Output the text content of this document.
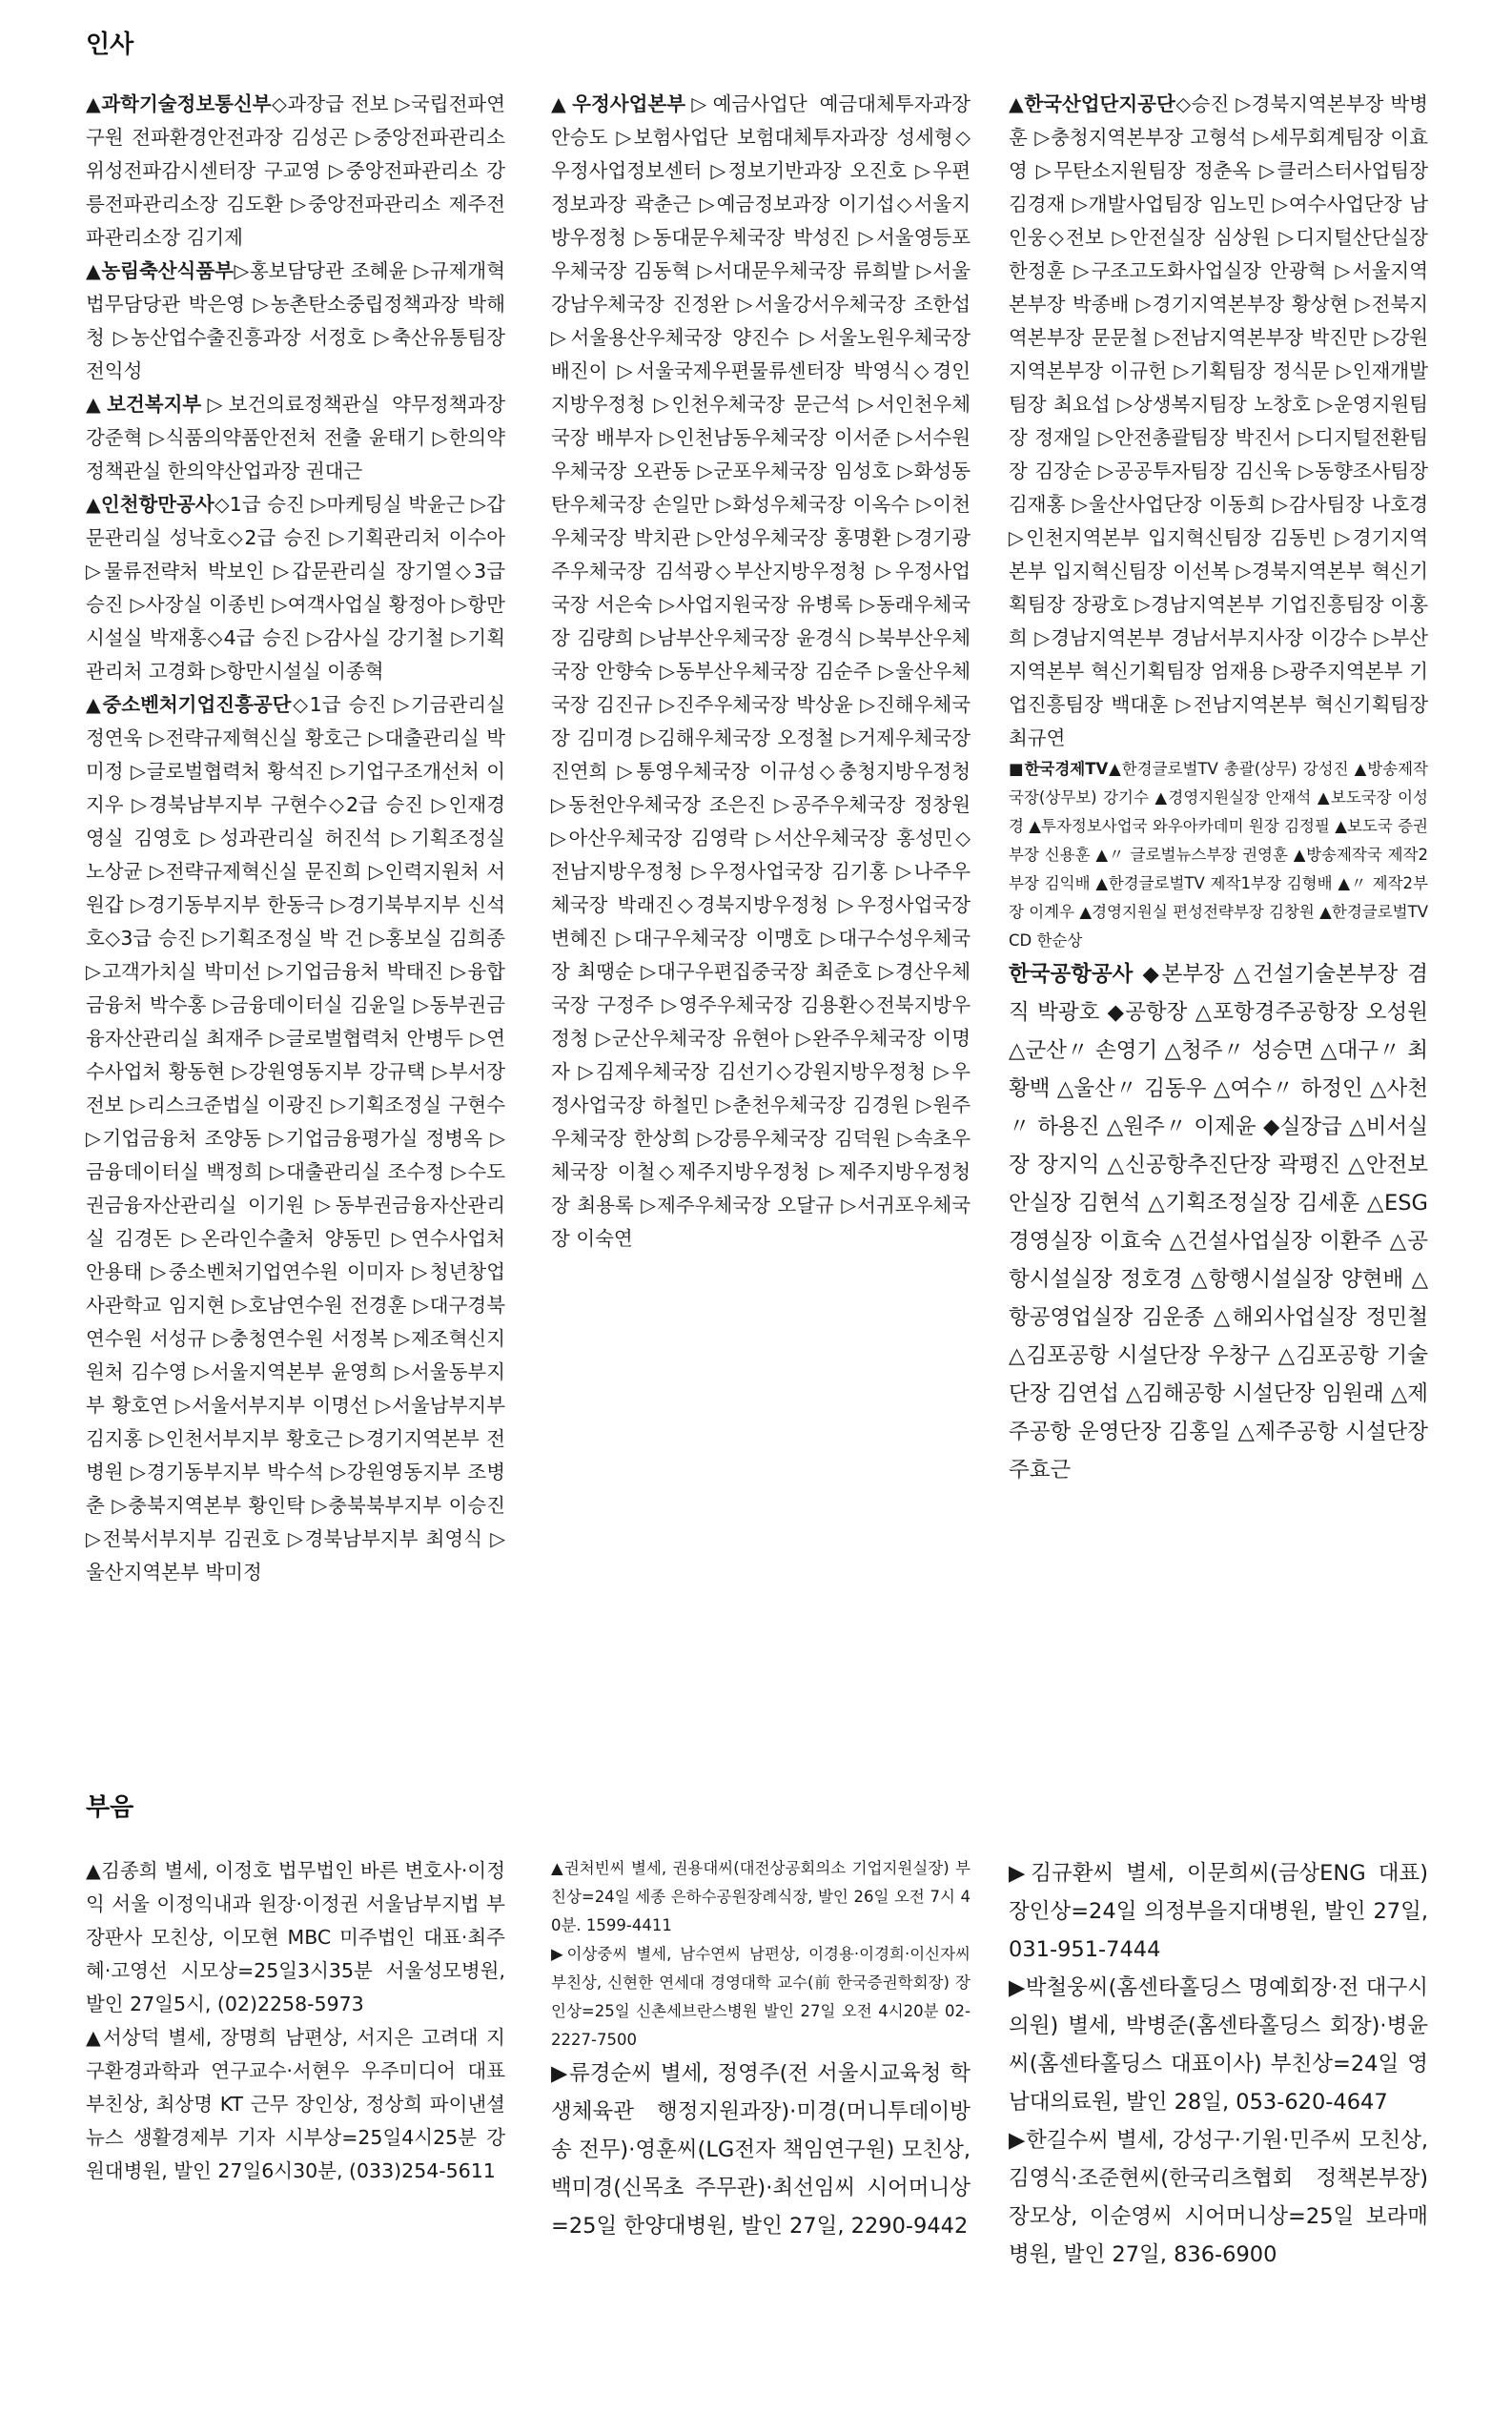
인사

▲과학기술정보통신부◇과장급 전보 ▷국립전파연구원 전파환경안전과장 김성곤 ▷중앙전파관리소 위성전파감시센터장 구교영 ▷중앙전파관리소 강릉전파관리소장 김도환 ▷중앙전파관리소 제주전파관리소장 김기제

▲농림축산식품부▷홍보담당관 조혜윤 ▷규제개혁법무담당관 박은영 ▷농촌탄소중립정책과장 박해청 ▷농산업수출진흥과장 서정호 ▷축산유통팀장 전익성

▲보건복지부▷보건의료정책관실 약무정책과장 강준혁 ▷식품의약품안전처 전출 윤태기 ▷한의약정책관실 한의약산업과장 권대근

▲인천항만공사◇1급 승진 ▷마케팅실 박윤근 ▷갑문관리실 성낙호◇2급 승진 ▷기획관리처 이수아 ▷물류전략처 박보인 ▷갑문관리실 장기열◇3급 승진 ▷사장실 이종빈 ▷여객사업실 황정아 ▷항만시설실 박재홍◇4급 승진 ▷감사실 강기철 ▷기획관리처 고경화 ▷항만시설실 이종혁

▲중소벤처기업진흥공단◇1급 승진 ▷기금관리실 정연욱 ▷전략규제혁신실 황호근 ▷대출관리실 박미정 ▷글로벌협력처 황석진 ▷기업구조개선처 이지우 ▷경북남부지부 구현수◇2급 승진 ▷인재경영실 김영호 ▷성과관리실 허진석 ▷기획조정실 노상균 ▷전략규제혁신실 문진희 ▷인력지원처 서원갑 ▷경기동부지부 한동극 ▷경기북부지부 신석호◇3급 승진 ▷기획조정실 박 건 ▷홍보실 김희종 ▷고객가치실 박미선 ▷기업금융처 박태진 ▷융합금융처 박수홍 ▷금융데이터실 김윤일 ▷동부권금융자산관리실 최재주 ▷글로벌협력처 안병두 ▷연수사업처 황동현 ▷강원영동지부 강규택 ▷부서장 전보 ▷리스크준법실 이광진 ▷기획조정실 구현수 ▷기업금융처 조양동 ▷기업금융평가실 정병옥 ▷금융데이터실 백정희 ▷대출관리실 조수정 ▷수도권금융자산관리실 이기원 ▷동부권금융자산관리실 김경돈 ▷온라인수출처 양동민 ▷연수사업처 안용태 ▷중소벤처기업연수원 이미자 ▷청년창업사관학교 임지현 ▷호남연수원 전경훈 ▷대구경북연수원 서성규 ▷충청연수원 서정복 ▷제조혁신지원처 김수영 ▷서울지역본부 윤영희 ▷서울동부지부 황호연 ▷서울서부지부 이명선 ▷서울남부지부 김지홍 ▷인천서부지부 황호근 ▷경기지역본부 전병원 ▷경기동부지부 박수석 ▷강원영동지부 조병춘 ▷충북지역본부 황인탁 ▷충북북부지부 이승진 ▷전북서부지부 김권호 ▷경북남부지부 최영식 ▷울산지역본부 박미정

▲우정사업본부▷예금사업단 예금대체투자과장 안승도 ▷보험사업단 보험대체투자과장 성세형◇우정사업정보센터 ▷정보기반과장 오진호 ▷우편정보과장 곽춘근 ▷예금정보과장 이기섭◇서울지방우정청 ▷동대문우체국장 박성진 ▷서울영등포우체국장 김동혁 ▷서대문우체국장 류희발 ▷서울강남우체국장 진정완 ▷서울강서우체국장 조한섭 ▷서울용산우체국장 양진수 ▷서울노원우체국장 배진이 ▷서울국제우편물류센터장 박영식◇경인지방우정청 ▷인천우체국장 문근석 ▷서인천우체국장 배부자 ▷인천남동우체국장 이서준 ▷서수원우체국장 오관동 ▷군포우체국장 임성호 ▷화성동탄우체국장 손일만 ▷화성우체국장 이옥수 ▷이천우체국장 박치관 ▷안성우체국장 홍명환 ▷경기광주우체국장 김석광◇부산지방우정청 ▷우정사업국장 서은숙 ▷사업지원국장 유병록 ▷동래우체국장 김량희 ▷남부산우체국장 윤경식 ▷북부산우체국장 안향숙 ▷동부산우체국장 김순주 ▷울산우체국장 김진규 ▷진주우체국장 박상윤 ▷진해우체국장 김미경 ▷김해우체국장 오정철 ▷거제우체국장 진연희 ▷통영우체국장 이규성◇충청지방우정청 ▷동천안우체국장 조은진 ▷공주우체국장 정창원 ▷아산우체국장 김영락 ▷서산우체국장 홍성민◇전남지방우정청 ▷우정사업국장 김기홍 ▷나주우체국장 박래진◇경북지방우정청 ▷우정사업국장 변혜진 ▷대구우체국장 이맹호 ▷대구수성우체국장 최땡순 ▷대구우편집중국장 최준호 ▷경산우체국장 구정주 ▷영주우체국장 김용환◇전북지방우정청 ▷군산우체국장 유현아 ▷완주우체국장 이명자 ▷김제우체국장 김선기◇강원지방우정청 ▷우정사업국장 하철민 ▷춘천우체국장 김경원 ▷원주우체국장 한상희 ▷강릉우체국장 김덕원 ▷속초우체국장 이철◇제주지방우정청 ▷제주지방우정청장 최용록 ▷제주우체국장 오달규 ▷서귀포우체국장 이숙연

▲한국산업단지공단◇승진 ▷경북지역본부장 박병훈 ▷충청지역본부장 고형석 ▷세무회계팀장 이효영 ▷무탄소지원팀장 정춘옥 ▷클러스터사업팀장 김경재 ▷개발사업팀장 임노민 ▷여수사업단장 남인웅◇전보 ▷안전실장 심상원 ▷디지털산단실장 한정훈 ▷구조고도화사업실장 안광혁 ▷서울지역본부장 박종배 ▷경기지역본부장 황상현 ▷전북지역본부장 문문철 ▷전남지역본부장 박진만 ▷강원지역본부장 이규헌 ▷기획팀장 정식문 ▷인재개발팀장 최요섭 ▷상생복지팀장 노창호 ▷운영지원팀장 정재일 ▷안전총괄팀장 박진서 ▷디지털전환팀장 김장순 ▷공공투자팀장 김신욱 ▷동향조사팀장 김재홍 ▷울산사업단장 이동희 ▷감사팀장 나호경 ▷인천지역본부 입지혁신팀장 김동빈 ▷경기지역본부 입지혁신팀장 이선복 ▷경북지역본부 혁신기획팀장 장광호 ▷경남지역본부 기업진흥팀장 이홍희 ▷경남지역본부 경남서부지사장 이강수 ▷부산지역본부 혁신기획팀장 엄재용 ▷광주지역본부 기업진흥팀장 백대훈 ▷전남지역본부 혁신기획팀장 최규연

■한국경제TV▲한경글로벌TV 총괄(상무) 강성진 ▲방송제작국장(상무보) 강기수 ▲경영지원실장 안재석 ▲보도국장 이성경 ▲투자정보사업국 와우아카데미 원장 김정필 ▲보도국 증권부장 신용훈 ▲〃 글로벌뉴스부장 권영훈 ▲방송제작국 제작2부장 김익배 ▲한경글로벌TV 제작1부장 김형배 ▲〃 제작2부장 이계우 ▲경영지원실 편성전략부장 김창원 ▲한경글로벌TV CD 한순상

한국공항공사 ◆본부장 △건설기술본부장 겸직 박광호 ◆공항장 △포항경주공항장 오성원 △군산〃 손영기 △청주〃 성승면 △대구〃 최황백 △울산〃 김동우 △여수〃 하정인 △사천〃 하용진 △원주〃 이제윤 ◆실장급 △비서실장 장지익 △신공항추진단장 곽평진 △안전보안실장 김현석 △기획조정실장 김세훈 △ESG경영실장 이효숙 △건설사업실장 이환주 △공항시설실장 정호경 △항행시설실장 양현배 △항공영업실장 김운종 △해외사업실장 정민철 △김포공항 시설단장 우창구 △김포공항 기술단장 김연섭 △김해공항 시설단장 임원래 △제주공항 운영단장 김홍일 △제주공항 시설단장 주효근

부음

▲김종희 별세, 이정호 법무법인 바른 변호사·이정익 서울 이정익내과 원장·이정권 서울남부지법 부장판사 모친상, 이모현 MBC 미주법인 대표·최주혜·고영선 시모상=25일3시35분 서울성모병원, 발인 27일5시, (02)2258-5973

▲서상덕 별세, 장명희 남편상, 서지은 고려대 지구환경과학과 연구교수·서현우 우주미디어 대표 부친상, 최상명 KT 근무 장인상, 정상희 파이낸셜뉴스 생활경제부 기자 시부상=25일4시25분 강원대병원, 발인 27일6시30분, (033)254-5611

▲권처빈씨 별세, 권용대씨(대전상공회의소 기업지원실장) 부친상=24일 세종 은하수공원장례식장, 발인 26일 오전 7시 40분. 1599-4411

▶이상중씨 별세, 남수연씨 남편상, 이경용·이경희·이신자씨 부친상, 신현한 연세대 경영대학 교수(前 한국증권학회장) 장인상=25일 신촌세브란스병원 발인 27일 오전 4시20분 02-2227-7500

▶류경순씨 별세, 정영주(전 서울시교육청 학생체육관 행정지원과장)·미경(머니투데이방송 전무)·영훈씨(LG전자 책임연구원) 모친상, 백미경(신목초 주무관)·최선임씨 시어머니상=25일 한양대병원, 발인 27일, 2290-9442

▶김규환씨 별세, 이문희씨(금상ENG 대표) 장인상=24일 의정부을지대병원, 발인 27일, 031-951-7444

▶박철웅씨(홈센타홀딩스 명예회장·전 대구시의원) 별세, 박병준(홈센타홀딩스 회장)·병윤씨(홈센타홀딩스 대표이사) 부친상=24일 영남대의료원, 발인 28일, 053-620-4647

▶한길수씨 별세, 강성구·기원·민주씨 모친상, 김영식·조준현씨(한국리츠협회 정책본부장) 장모상, 이순영씨 시어머니상=25일 보라매병원, 발인 27일, 836-6900
